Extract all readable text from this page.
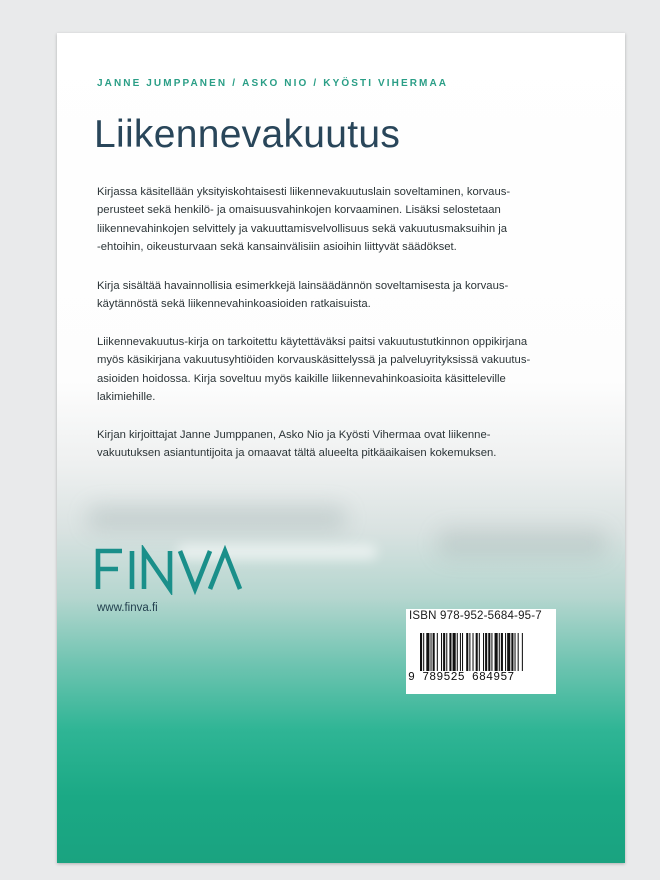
JANNE JUMPPANEN / ASKO NIO / KYÖSTI VIHERMAA
Liikennevakuutus

Kirjassa käsitellään yksityiskohtaisesti liikennevakuutuslain soveltaminen, korvaus-
perusteet sekä henkilö- ja omaisuusvahinkojen korvaaminen. Lisäksi selostetaan
liikennevahinkojen selvittely ja vakuuttamisvelvollisuus sekä vakuutusmaksuihin ja
-ehtoihin, oikeusturvaan sekä kansainvälisiin asioihin liittyvät säädökset.

Kirja sisältää havainnollisia esimerkkejä lainsäädännön soveltamisesta ja korvaus-
käytännöstä sekä liikennevahinkoasioiden ratkaisuista.

Liikennevakuutus-kirja on tarkoitettu käytettäväksi paitsi vakuutustutkinnon oppikirjana
myös käsikirjana vakuutusyhtiöiden korvauskäsittelyssä ja palveluyrityksissä vakuutus-
asioiden hoidossa. Kirja soveltuu myös kaikille liikennevahinkoasioita käsitteleville
lakimiehille.

Kirjan kirjoittajat Janne Jumppanen, Asko Nio ja Kyösti Vihermaa ovat liikenne-
vakuutuksen asiantuntijoita ja omaavat tältä alueelta pitkäaikaisen kokemuksen.

www.finva.fi
ISBN 978-952-5684-95-7
9 789525 684957
